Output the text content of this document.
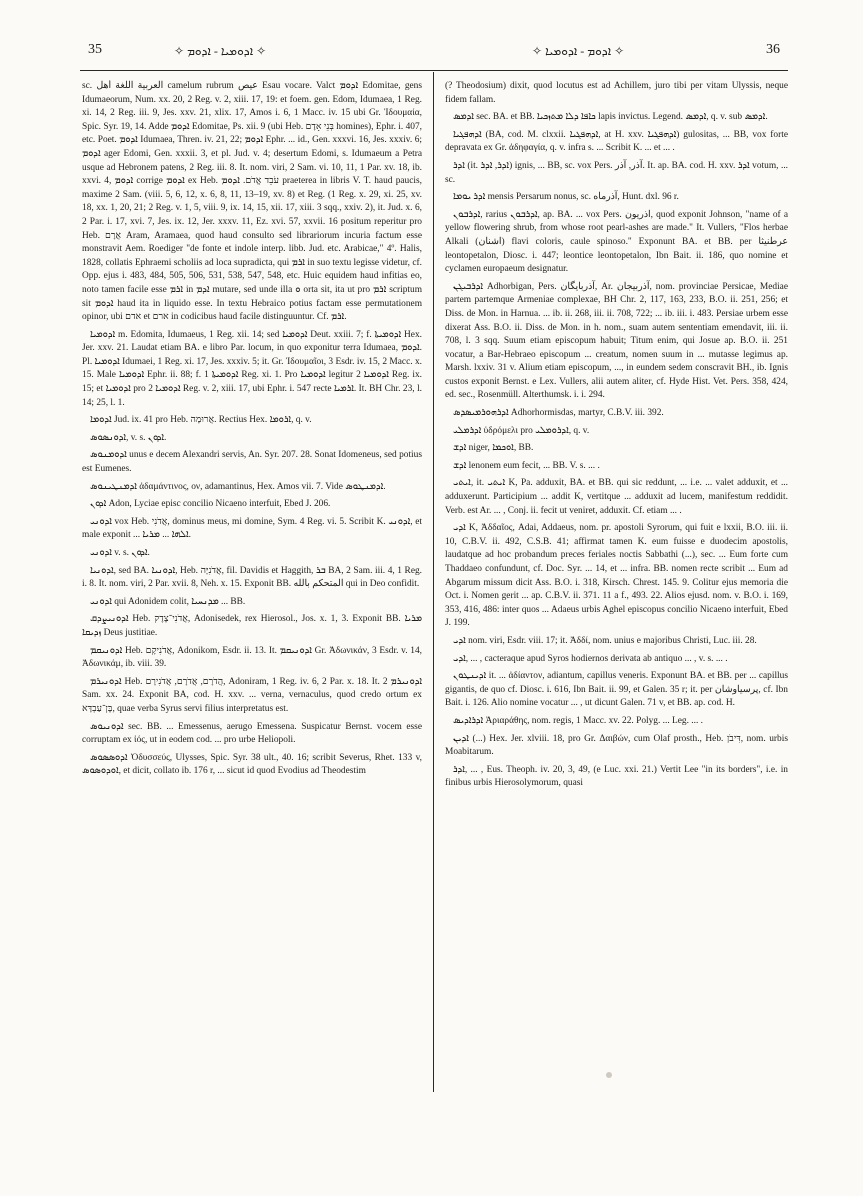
35	✧ ܐܕܘܡܝܐ - ܐܕܘܡ ✧	✧ ܐܕܘܡ - ܐܕܘܡܝܐ ✧	36

sc. العربية اللغة أهل camelum rubrum عيص Esau vocare. Valct ܐܕܘܡ Edomitae, gens Idumaeorum, Num. xx. 20, 2 Reg. v. 2, xiii. 17, 19: et foem. gen. Edom, Idumaea, 1 Reg. xi. 14, 2 Reg. iii. 9, Jes. xxv. 21, xlix. 17, Amos i. 6, 1 Macc. iv. 15 ubi Gr. Ἰδουμαία, Spic. Syr. 19, 14. Adde ܐܕܘܡ Edomitae, Ps. xii. 9 (ubi Heb. בְּנֵי אָדָם homines), Ephr. i. 407, etc. Poet. ܐܕܘܡ Idumaea, Thren. iv. 21, 22; ܐܕܘܡ Ephr. ... id., Gen. xxxvi. 16, Jes. xxxiv. 6; ܐܕܘܡ ager Edomi, Gen. xxxii. 3, et pl. Jud. v. 4; desertum Edomi, s. Idumaeum a Petra usque ad Hebronem patens, 2 Reg. iii. 8. It. nom. viri, 2 Sam. vi. 10, 11, 1 Par. xv. 18, ib. xxvi. 4, ܐܕܘܡ corrige ܐܕܘܡ ex Heb. עֹבֵד אֱדֹם. ܐܕܘܡ praeterea in libris V. T. haud paucis, maxime 2 Sam. (viii. 5, 6, 12, x. 6, 8, 11, 13–19, xv. 8) et Reg. (1 Reg. x. 29, xi. 25, xv. 18, xx. 1, 20, 21; 2 Reg. v. 1, 5, viii. 9, ix. 14, 15, xii. 17, xiii. 3 sqq., xxiv. 2), it. Jud. x. 6, 2 Par. i. 17, xvi. 7, Jes. ix. 12, Jer. xxxv. 11, Ez. xvi. 57, xxvii. 16 positum reperitur pro Heb. אֲרָם Aram, Aramaea, quod haud consulto sed librariorum incuria factum esse monstravit Aem. Roediger "de fonte et indole interp. libb. Jud. etc. Arabicae," 4º. Halis, 1828, collatis Ephraemi scholiis ad loca supradicta, qui ܐܪܡ in suo textu legisse videtur, cf. Opp. ejus i. 483, 484, 505, 506, 531, 538, 547, 548, etc. Huic equidem haud infitias eo, noto tamen facile esse ܐܪܡ in ܐܕܡ mutare, sed unde illa ܘ orta sit, ita ut pro ܐܪܡ scriptum sit ܐܕܘܡ haud ita in liquido esse. In textu Hebraico potius factam esse permutationem opinor, ubi אדם et ארם in codicibus haud facile distinguuntur. Cf. ܐܪܡ.

ܐܕܘܡܝܐ m. Edomita, Idumaeus, 1 Reg. xii. 14; sed ܐܕܘܡܝܐ Deut. xxiii. 7; f. ܐܕܘܡܝܬܐ Hex. Jer. xxv. 21. Laudat etiam BA. e libro Par. locum, in quo exponitur terra Idumaea, ܐܕܘܡ. Pl. ܐܕܘܡܝܐ Idumaei, 1 Reg. xi. 17, Jes. xxxiv. 5; it. Gr. Ἰδουμαῖοι, 3 Esdr. iv. 15, 2 Macc. x. 15. Male ܐܕܘܡܝܐ Ephr. ii. 88; f. ܐܕܘܡܝܬܐ 1 Reg. xi. 1. Pro ܐܕܘܡܝܐ legitur ܐܕܘܡܝܐ 2 Reg. ix. 15; et ܐܕܘܡܝܐ pro ܐܕܘܡܝܐ 2 Reg. v. 2, xiii. 17, ubi Ephr. i. 547 recte ܐܪܡܝܐ. It. BH Chr. 23, l. 14; 25, l. 1.

ܐܕܘܡܐ Jud. ix. 41 pro Heb. אֲרוּמָה. Rectius Hex. ܐܪܘܡܐ, q. v.

ܐܕܘܢܣܘܣ, v. s. ܐܕܘܢ.

ܐܕܘܡܢܘܣ unus e decem Alexandri servis, An. Syr. 207. 28. Sonat Idomeneus, sed potius est Eumenes.

ܐܕܡܢܛܝܢܘܣ ἀδαμάντινος, ον, adamantinus, Hex. Amos vii. 7. Vide ܐܕܡܢܛܘܣ.

ܐܕܘܢ Adon, Lyciae episc concilio Nicaeno interfuit, Ebed J. 206.

ܐܕܘܢܝ vox Heb. אֲדֹנִי, dominus meus, mi domine, Sym. 4 Reg. vi. 5. Scribit K. ܐܕܘܢܝ, et male exponit ... ܐܠܗܐ ... ܡܪܝܐ.

ܐܕܘܢܝ v. s. ܐܕܘܢ.

ܐܕܘܢܝܐ, sed BA. ܐܕܘܢܝܐ, Heb. אֲדֹנִיָּה, fil. Davidis et Haggith, ܒܪ BA, 2 Sam. iii. 4, 1 Reg. i. 8. It. nom. viri, 2 Par. xvii. 8, Neh. x. 15. Exponit BB. المتحكم بالله qui in Deo confidit.

ܐܕܘܢܝ qui Adonidem colit, ܡܕܢܚܝܐ ... BB.

ܐܕܘܢܝܨܕܩ Heb. אֲדֹנִי־צֶדֶק, Adonisedek, rex Hierosol., Jos. x. 1, 3. Exponit BB. ܡܪܝܐ ܙܕܝܩܐ Deus justitiae.

ܐܕܘܢܝܩܡ Heb. אֲדֹנִיקָם, Adonikom, Esdr. ii. 13. It. ܐܕܘܢܝܩܡ Gr. Ἀδωνικάν, 3 Esdr. v. 14, Ἀδωνικάμ, ib. viii. 39.

ܐܕܘܢܝܪܡ Heb. הֲדֹרָם, אֲדֹרָם, אֲדֹנִירָם, Adoniram, 1 Reg. iv. 6, 2 Par. x. 18. It. ܐܕܘܢܝܪܡ 2 Sam. xx. 24. Exponit BA, cod. H. xxv. ... verna, vernaculus, quod credo ortum ex בֶּן־עַבְדָּא, quae verba Syrus servi filius interpretatus est.

ܐܕܘܢܝܘܣ sec. BB. ... Emessenus, aerugo Emessena. Suspicatur Bernst. vocem esse corruptam ex ἰός, ut in eodem cod. ... pro urbe Heliopoli.

ܐܕܘܣܣܘܣ Ὀδυσσεύς, Ulysses, Spic. Syr. 38 ult., 40. 16; scribit Severus, Rhet. 133 v, ܐܘܕܘܣܘܣ, et dicit, collato ib. 176 r, ... sicut id quod Evodius ad Theodestim

(? Theodosium) dixit, quod locutus est ad Achillem, juro tibi per vitam Ulyssis, neque fidem fallam.

ܐܕܡܣ sec. BA. et BB. ܟܐܦܐ ܕܠܐ ܡܬܙܟܝܐ lapis invictus. Legend. ܐܕܡܣ, q. v. sub ܐܕܡܣ.

ܐܕܗܦܓܝܐ (BA, cod. M. clxxii. ܐܕܗܦܓܝܐ, at H. xxv. ܐܕܗܦܓܝܐ) gulositas, ... BB, vox forte depravata ex Gr. ἀδηφαγία, q. v. infra s. ... Scribit K. ... et ... .

ܐܕܪ (it. ܐܕܪ, ܐܕܪ) ignis, ... BB, sc. vox Pers. آذر, آذر. It. ap. BA. cod. H. xxv. ܐܕܪ votum, ... sc.

ܐܕܪ ܝܘܡܐ mensis Persarum nonus, sc. آذرماه, Hunt. dxl. 96 r.

ܐܕܪܒܘܢ, rarius ܐܕܪܒܘܢ, ap. BA. ... vox Pers. اذريون, quod exponit Johnson, "name of a yellow flowering shrub, from whose root pearl-ashes are made." It. Vullers, "Flos herbae Alkali (اشنان) flavi coloris, caule spinoso." Exponunt BA. et BB. per عرطنيثا leontopetalon, Diosc. i. 447; leontice leontopetalon, Ibn Bait. ii. 186, quo nomine et cyclamen europaeum designatur.

ܐܕܪܒܝܓܢ Adhorbigan, Pers. آذربايگان, Ar. آذربيجان, nom. provinciae Persicae, Mediae partem partemque Armeniae complexae, BH Chr. 2, 117, 163, 233, B.O. ii. 251, 256; et Diss. de Mon. in Harnua. ... ib. ii. 268, iii. ii. 708, 722; ... ib. iii. i. 483. Persiae urbem esse dixerat Ass. B.O. ii. Diss. de Mon. in h. nom., suam autem sententiam emendavit, iii. ii. 708, l. 3 sqq. Suum etiam episcopum habuit; Titum enim, qui Josue ap. B.O. ii. 251 vocatur, a Bar-Hebraeo episcopum ... creatum, nomen suum in ... mutasse legimus ap. Marsh. lxxiv. 31 v. Alium etiam episcopum, ..., in eundem sedem conscravit BH., ib. Ignis custos exponit Bernst. e Lex. Vullers, alii autem aliter, cf. Hyde Hist. Vet. Pers. 358, 424, ed. sec., Rosenmüll. Alterthumsk. i. i. 294.

ܐܕܪܗܘܪܡܝܣܕܣ Adhorhormisdas, martyr, C.B.V. iii. 392.

ܐܕܪܡܠܝ ὑδρόμελι pro ܐܕܪܘܡܠܝ, q. v.

ܐܕܫ niger, ܐܘܟܡܐ, BB.

ܐܕܫ lenonem eum fecit, ... BB. V. s. ... .

ܐܝܬܝ, it. ܐܝܬܝ K, Pa. adduxit, BA. et BB. qui sic reddunt, ... i.e. ... valet adduxit, et ... adduxerunt. Participium ... addit K, vertitque ... adduxit ad lucem, manifestum reddidit. Verb. est Ar. ... , Conj. ii. fecit ut veniret, adduxit. Cf. etiam ... .

ܐܕܝ K, Ἀδδαῖος, Adai, Addaeus, nom. pr. apostoli Syrorum, qui fuit e lxxii, B.O. iii. ii. 10, C.B.V. ii. 492, C.S.B. 41; affirmat tamen K. eum fuisse e duodecim apostolis, laudatque ad hoc probandum preces feriales noctis Sabbathi (...), sec. ... Eum forte cum Thaddaeo confundunt, cf. Doc. Syr. ... 14, et ... infra. BB. nomen recte scribit ... Eum ad Abgarum missum dicit Ass. B.O. i. 318, Kirsch. Chrest. 145. 9. Colitur ejus memoria die Oct. i. Nomen gerit ... ap. C.B.V. ii. 371. 11 a f., 493. 22. Alios ejusd. nom. v. B.O. i. 169, 353, 416, 486: inter quos ... Adaeus urbis Aghel episcopus concilio Nicaeno interfuit, Ebed J. 199.

ܐܕܝ nom. viri, Esdr. viii. 17; it. Ἀδδί, nom. unius e majoribus Christi, Luc. iii. 28.

ܐܕܝ, ... , cacteraque apud Syros hodiernos derivata ab antiquo ... , v. s. ... .

ܐܕܝܢܛܘܢ it. ... ἀδίαντον, adiantum, capillus veneris. Exponunt BA. et BB. per ... capillus gigantis, de quo cf. Diosc. i. 616, Ibn Bait. ii. 99, et Galen. 35 r; it. per پرسياوشان, cf. Ibn Bait. i. 126. Alio nomine vocatur ... , ut dicunt Galen. 71 v, et BB. ap. cod. H.

ܐܕܪܐܕܝܣ Ἀριαράθης, nom. regis, 1 Macc. xv. 22. Polyg. ... Leg. ... .

ܐܕܝܢ (...) Hex. Jer. xlviii. 18, pro Gr. Δαιβών, cum Olaf prosth., Heb. דִּיבֹן, nom. urbis Moabitarum.

ܐܕܪ, ... , Eus. Theoph. iv. 20, 3, 49, (e Luc. xxi. 21.) Vertit Lee "in its borders", i.e. in finibus urbis Hierosolymorum, quasi
